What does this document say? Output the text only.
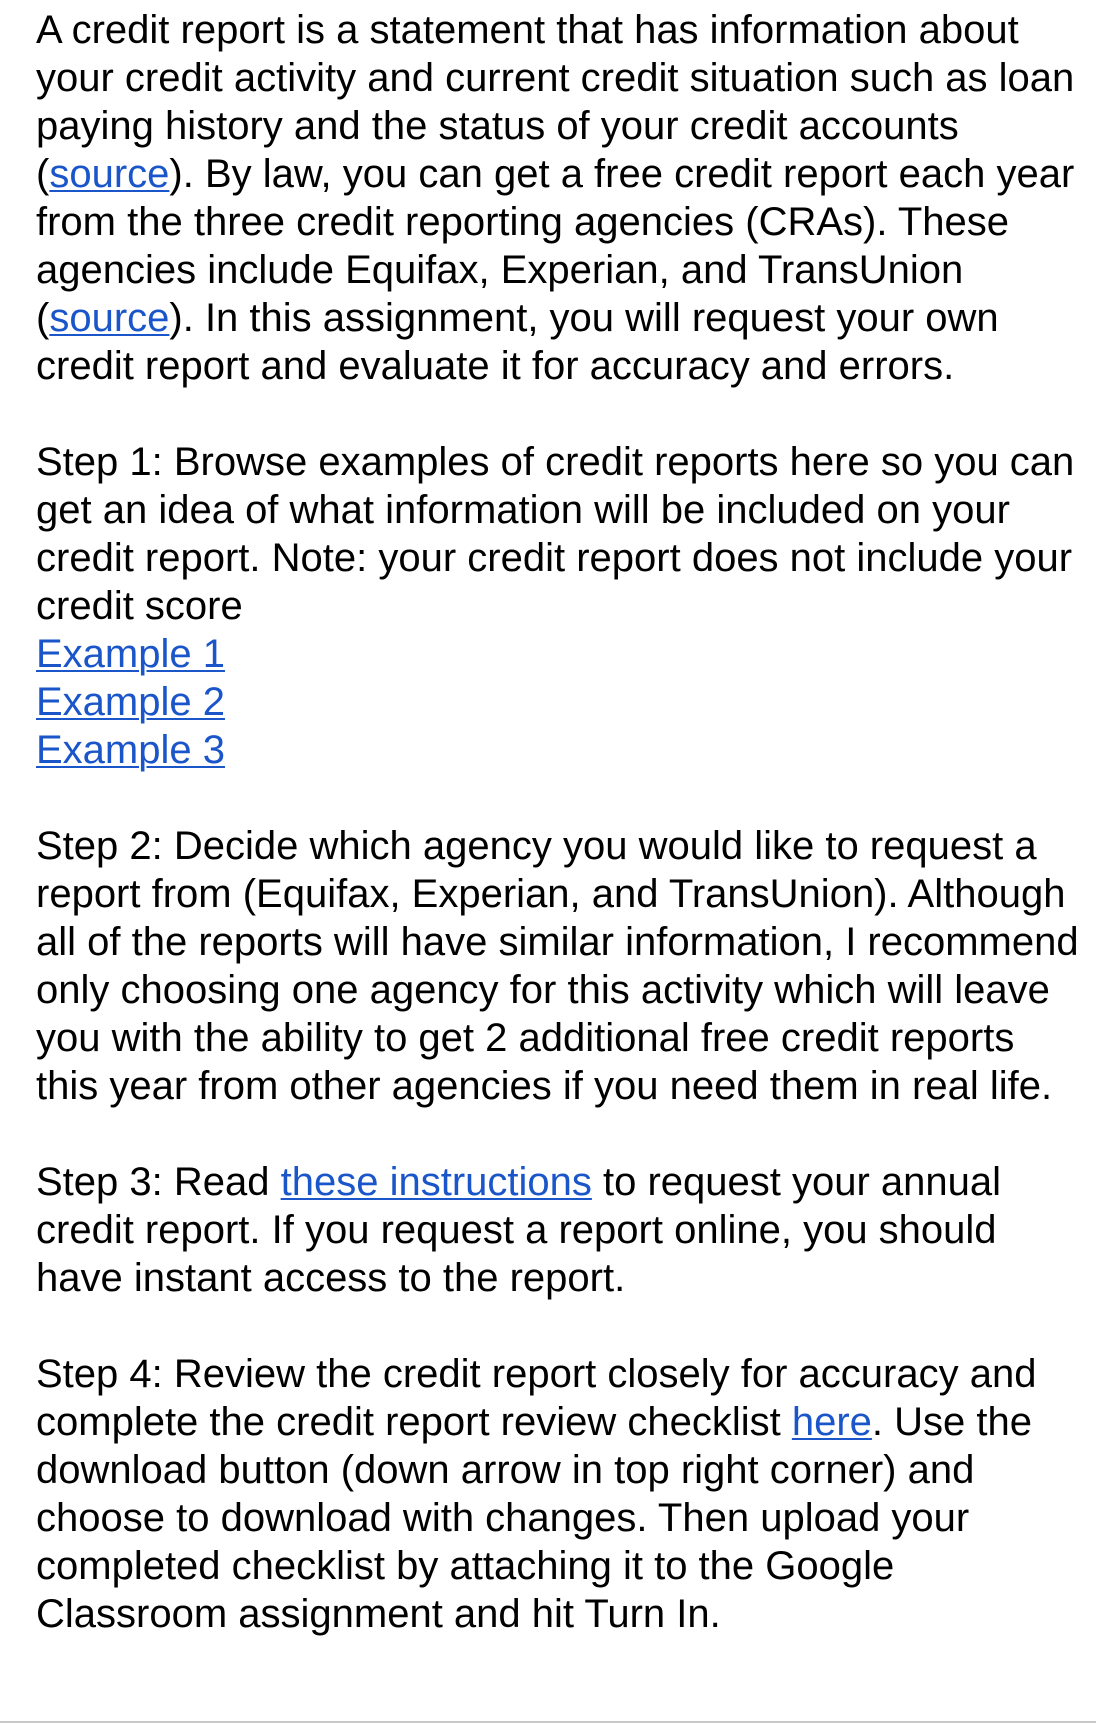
A credit report is a statement that has information about your credit activity and current credit situation such as loan paying history and the status of your credit accounts (source). By law, you can get a free credit report each year from the three credit reporting agencies (CRAs). These agencies include Equifax, Experian, and TransUnion (source). In this assignment, you will request your own credit report and evaluate it for accuracy and errors.

Step 1: Browse examples of credit reports here so you can get an idea of what information will be included on your credit report. Note: your credit report does not include your credit score
Example 1
Example 2
Example 3

Step 2: Decide which agency you would like to request a report from (Equifax, Experian, and TransUnion). Although all of the reports will have similar information, I recommend only choosing one agency for this activity which will leave you with the ability to get 2 additional free credit reports this year from other agencies if you need them in real life.

Step 3: Read these instructions to request your annual credit report. If you request a report online, you should have instant access to the report.

Step 4: Review the credit report closely for accuracy and complete the credit report review checklist here. Use the download button (down arrow in top right corner) and choose to download with changes. Then upload your completed checklist by attaching it to the Google Classroom assignment and hit Turn In.
